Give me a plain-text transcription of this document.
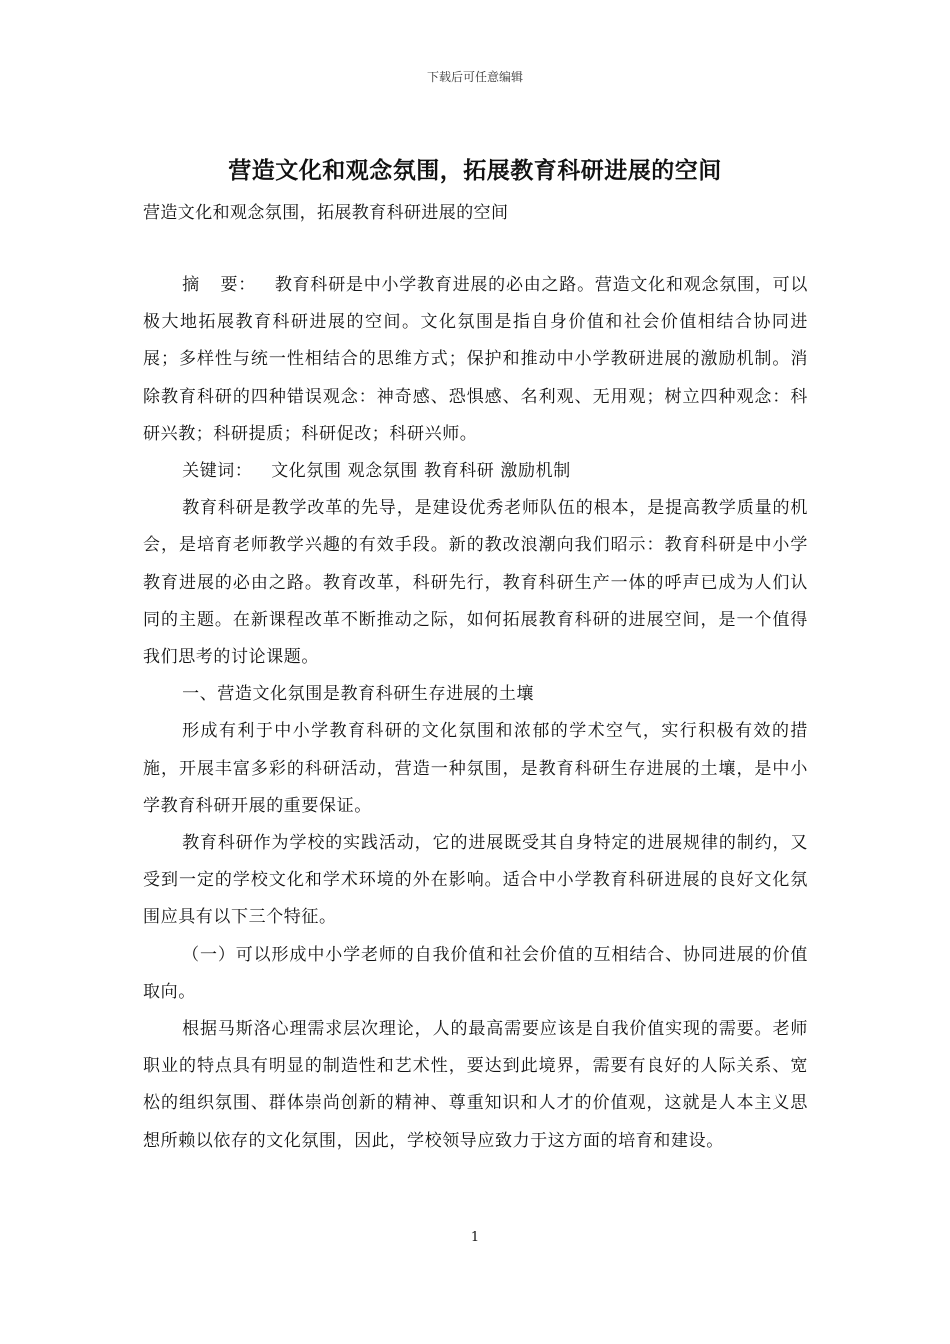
下载后可任意编辑
营造文化和观念氛围，拓展教育科研进展的空间
营造文化和观念氛围，拓展教育科研进展的空间

摘 要： 教育科研是中小学教育进展的必由之路。营造文化和观念氛围，可以极大地拓展教育科研进展的空间。文化氛围是指自身价值和社会价值相结合协同进展；多样性与统一性相结合的思维方式；保护和推动中小学教研进展的激励机制。消除教育科研的四种错误观念：神奇感、恐惧感、名利观、无用观；树立四种观念：科研兴教；科研提质；科研促改；科研兴师。

关键词： 文化氛围 观念氛围 教育科研 激励机制

教育科研是教学改革的先导，是建设优秀老师队伍的根本，是提高教学质量的机会，是培育老师教学兴趣的有效手段。新的教改浪潮向我们昭示：教育科研是中小学教育进展的必由之路。教育改革，科研先行，教育科研生产一体的呼声已成为人们认同的主题。在新课程改革不断推动之际，如何拓展教育科研的进展空间，是一个值得我们思考的讨论课题。

一、营造文化氛围是教育科研生存进展的土壤

形成有利于中小学教育科研的文化氛围和浓郁的学术空气，实行积极有效的措施，开展丰富多彩的科研活动，营造一种氛围，是教育科研生存进展的土壤，是中小学教育科研开展的重要保证。

教育科研作为学校的实践活动，它的进展既受其自身特定的进展规律的制约，又受到一定的学校文化和学术环境的外在影响。适合中小学教育科研进展的良好文化氛围应具有以下三个特征。

（一）可以形成中小学老师的自我价值和社会价值的互相结合、协同进展的价值取向。

根据马斯洛心理需求层次理论，人的最高需要应该是自我价值实现的需要。老师职业的特点具有明显的制造性和艺术性，要达到此境界，需要有良好的人际关系、宽松的组织氛围、群体崇尚创新的精神、尊重知识和人才的价值观，这就是人本主义思想所赖以依存的文化氛围，因此，学校领导应致力于这方面的培育和建设。

1
